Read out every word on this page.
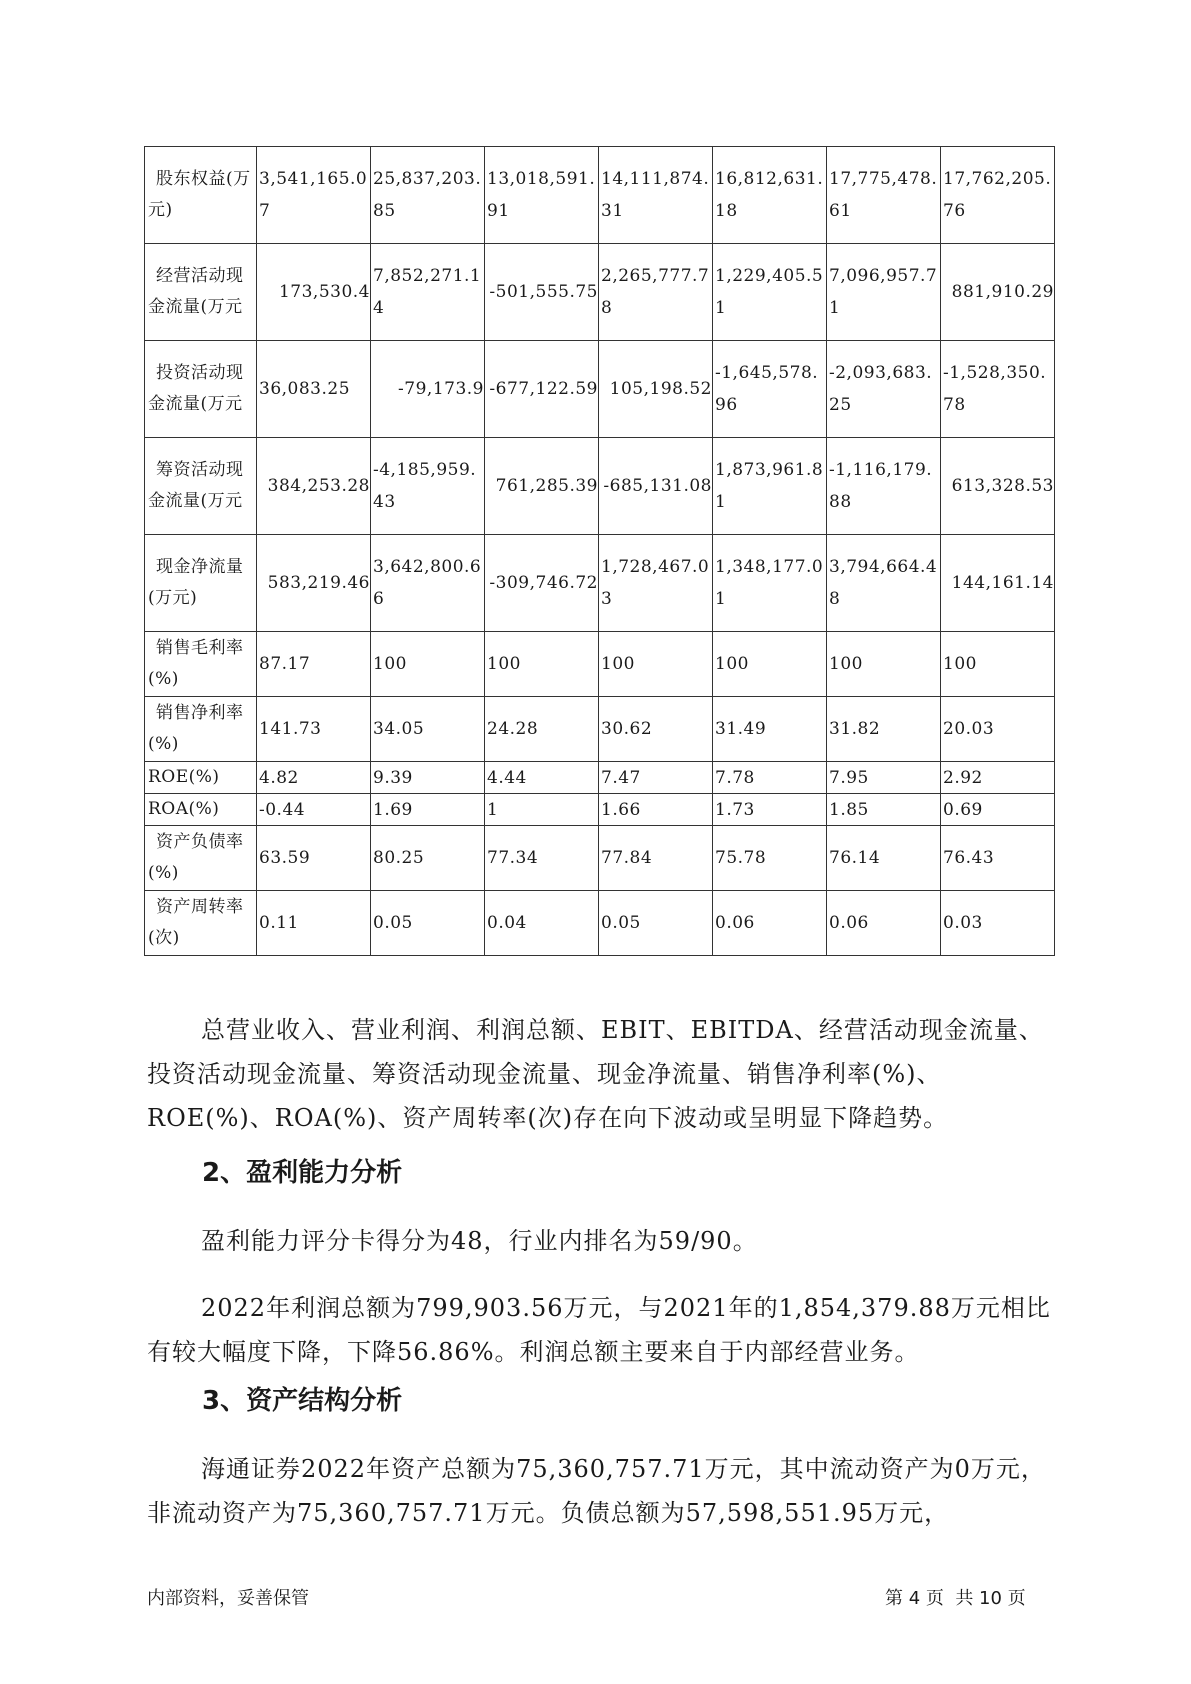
股东权益(万元)	3,541,165.07	25,837,203.85	13,018,591.91	14,111,874.31	16,812,631.18	17,775,478.61	17,762,205.76
经营活动现金流量(万元	173,530.4	7,852,271.14	-501,555.75	2,265,777.78	1,229,405.51	7,096,957.71	881,910.29
投资活动现金流量(万元	36,083.25	-79,173.9	-677,122.59	105,198.52	-1,645,578.96	-2,093,683.25	-1,528,350.78
筹资活动现金流量(万元	384,253.28	-4,185,959.43	761,285.39	-685,131.08	1,873,961.81	-1,116,179.88	613,328.53
现金净流量(万元)	583,219.46	3,642,800.66	-309,746.72	1,728,467.03	1,348,177.01	3,794,664.48	144,161.14
销售毛利率(%)	87.17	100	100	100	100	100	100
销售净利率(%)	141.73	34.05	24.28	30.62	31.49	31.82	20.03
ROE(%)	4.82	9.39	4.44	7.47	7.78	7.95	2.92
ROA(%)	-0.44	1.69	1	1.66	1.73	1.85	0.69
资产负债率(%)	63.59	80.25	77.34	77.84	75.78	76.14	76.43
资产周转率(次)	0.11	0.05	0.04	0.05	0.06	0.06	0.03

总营业收入、营业利润、利润总额、EBIT、EBITDA、经营活动现金流量、投资活动现金流量、筹资活动现金流量、现金净流量、销售净利率(%)、ROE(%)、ROA(%)、资产周转率(次)存在向下波动或呈明显下降趋势。

2、盈利能力分析

盈利能力评分卡得分为48，行业内排名为59/90。

2022年利润总额为799,903.56万元，与2021年的1,854,379.88万元相比有较大幅度下降，下降56.86%。利润总额主要来自于内部经营业务。

3、资产结构分析

海通证券2022年资产总额为75,360,757.71万元，其中流动资产为0万元，非流动资产为75,360,757.71万元。负债总额为57,598,551.95万元，

内部资料，妥善保管	第 4 页  共 10 页
